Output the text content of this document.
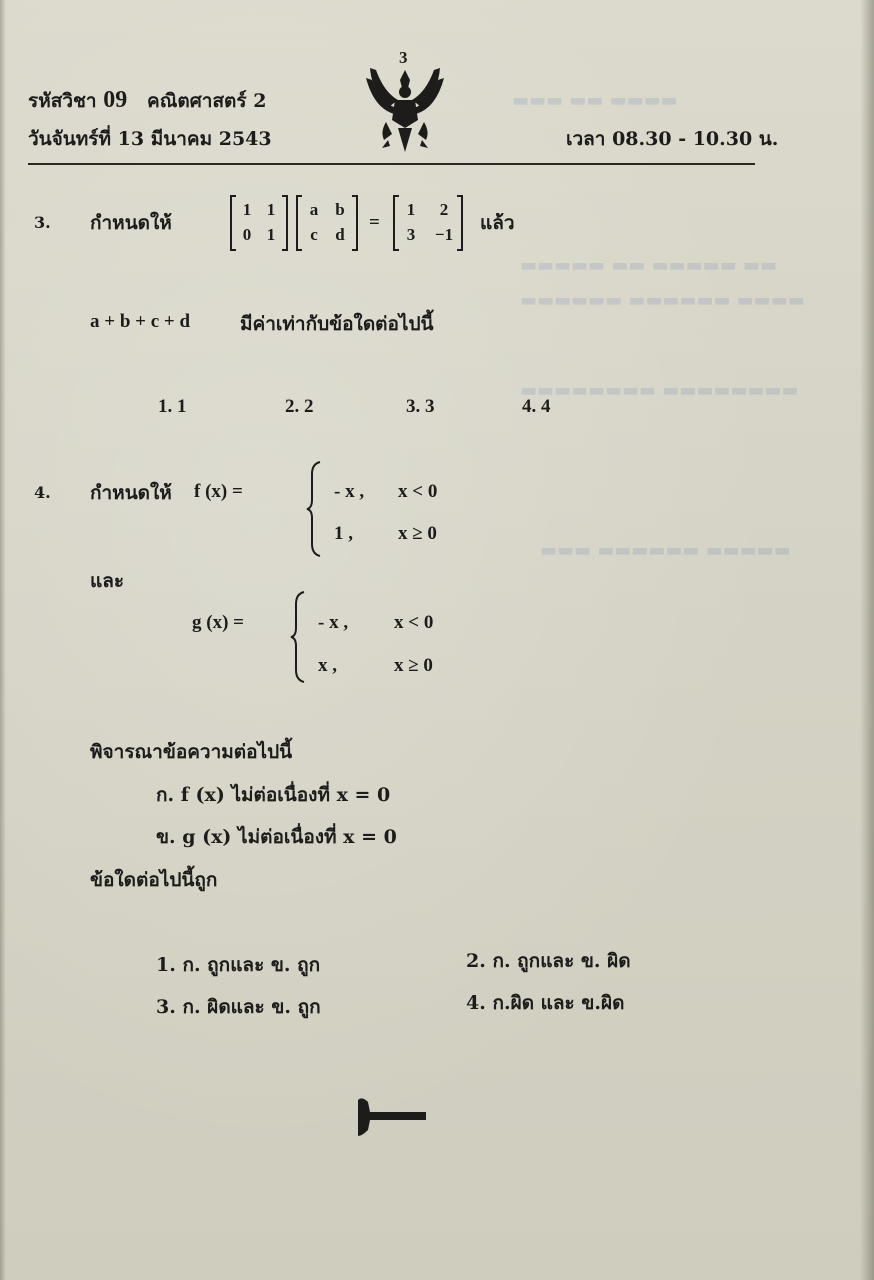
▬▬▬ ▬▬ ▬▬▬▬
▬▬▬▬▬ ▬▬ ▬▬▬▬▬ ▬▬
▬▬▬▬▬▬ ▬▬▬▬▬▬ ▬▬▬▬
▬▬▬▬▬▬▬▬ ▬▬▬▬▬▬▬▬
▬▬▬ ▬▬▬▬▬▬ ▬▬▬▬▬
รหัสวิชา 09 คณิตศาสตร์ 2
วันจันทร์ที่ 13 มีนาคม 2543	เวลา 08.30 - 10.30 น.
3
3. กำหนดให้
1 1
0 1
a	b
c	d
=
1	2
3	−1
แล้ว
a + b + c + d	มีค่าเท่ากับข้อใดต่อไปนี้
1. 1	2. 2	3. 3	4. 4
4. กำหนดให้ f (x) =	- x , x < 0
1 , x ≥ 0
และ
g (x) =	- x , x < 0
x ,	x ≥ 0
พิจารณาข้อความต่อไปนี้
ก. f (x) ไม่ต่อเนื่องที่ x = 0
ข. g (x) ไม่ต่อเนื่องที่ x = 0
ข้อใดต่อไปนี้ถูก
1. ก. ถูกและ ข. ถูก	2. ก. ถูกและ ข. ผิด
3. ก. ผิดและ ข. ถูก	4. ก.ผิด และ ข.ผิด
